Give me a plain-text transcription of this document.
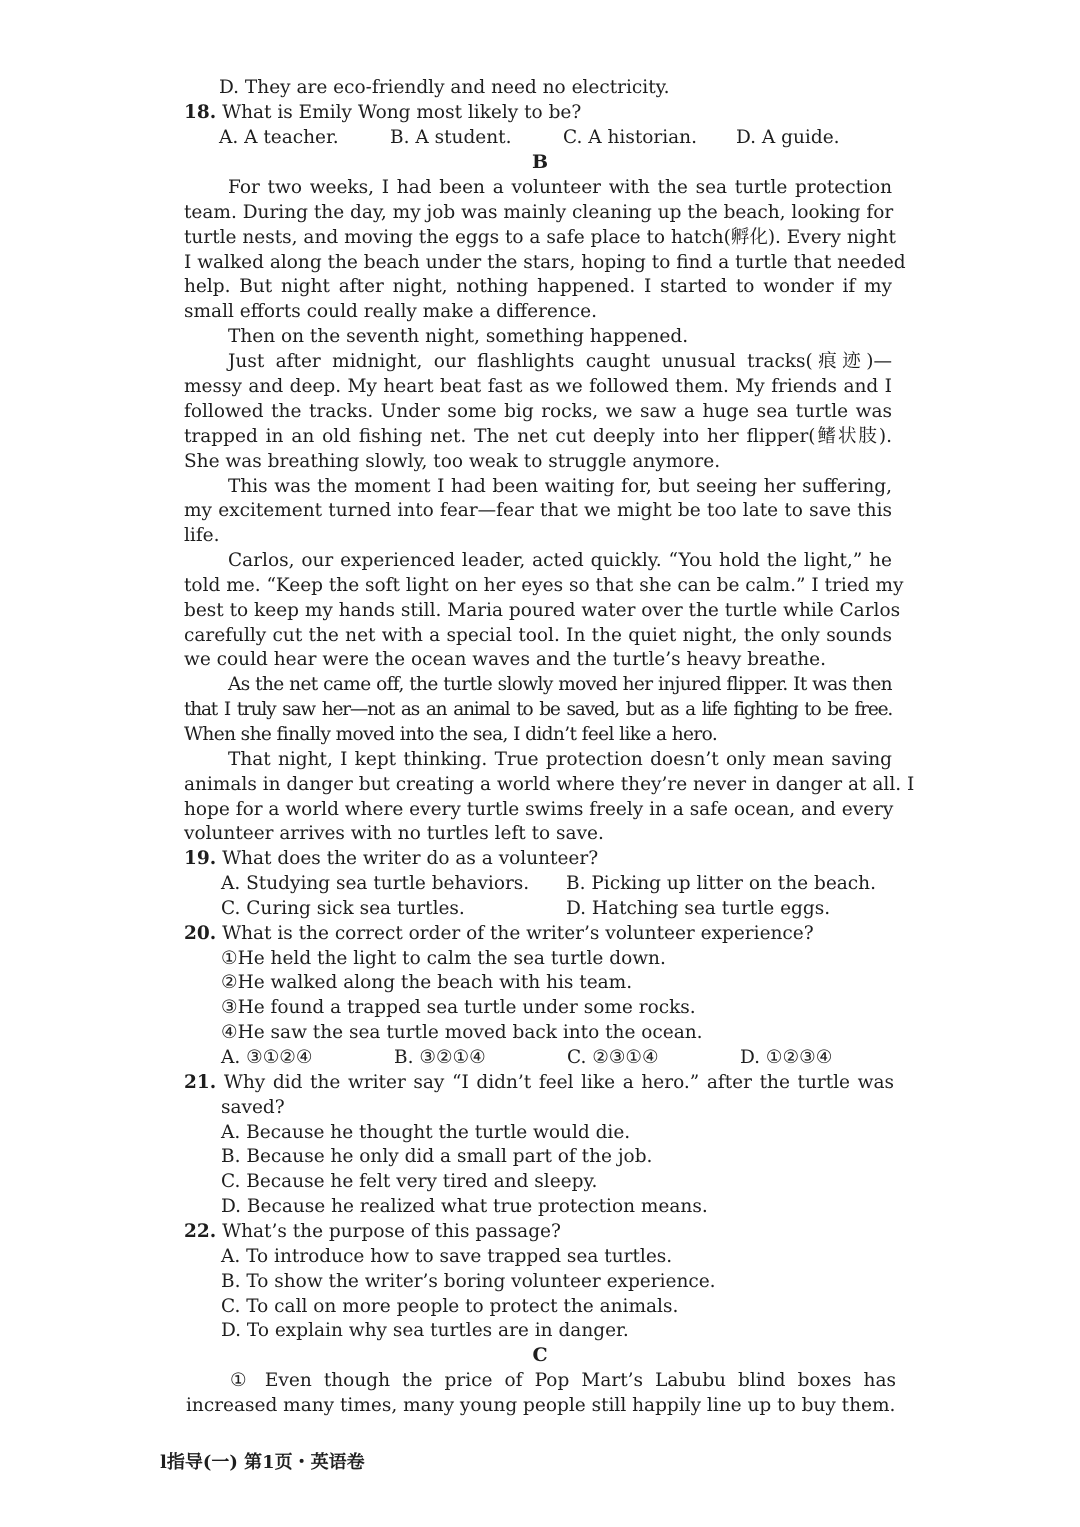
D. They are eco-friendly and need no electricity.
18. What is Emily Wong most likely to be?
A. A teacher.	B. A student.	C. A historian. D. A guide.
B
For two weeks, I had been a volunteer with the sea turtle protection
team. During the day, my job was mainly cleaning up the beach, looking for
turtle nests, and moving the eggs to a safe place to hatch(孵化). Every night
I walked along the beach under the stars, hoping to find a turtle that needed
help. But night after night, nothing happened. I started to wonder if my
small efforts could really make a difference.
Then on the seventh night, something happened.
Just after midnight, our flashlights caught unusual tracks(痕迹)—
messy and deep. My heart beat fast as we followed them. My friends and I
followed the tracks. Under some big rocks, we saw a huge sea turtle was
trapped in an old fishing net. The net cut deeply into her flipper(鳍状肢).
She was breathing slowly, too weak to struggle anymore.
This was the moment I had been waiting for, but seeing her suffering,
my excitement turned into fear—fear that we might be too late to save this
life.
Carlos, our experienced leader, acted quickly. “You hold the light,” he
told me. “Keep the soft light on her eyes so that she can be calm.” I tried my
best to keep my hands still. Maria poured water over the turtle while Carlos
carefully cut the net with a special tool. In the quiet night, the only sounds
we could hear were the ocean waves and the turtle’s heavy breathe.
As the net came off, the turtle slowly moved her injured flipper. It was then
that I truly saw her—not as an animal to be saved, but as a life fighting to be free.
When she finally moved into the sea, I didn’t feel like a hero.
That night, I kept thinking. True protection doesn’t only mean saving
animals in danger but creating a world where they’re never in danger at all. I
hope for a world where every turtle swims freely in a safe ocean, and every
volunteer arrives with no turtles left to save.
19. What does the writer do as a volunteer?
A. Studying sea turtle behaviors. B. Picking up litter on the beach.
C. Curing sick sea turtles.	D. Hatching sea turtle eggs.
20. What is the correct order of the writer’s volunteer experience?
①He held the light to calm the sea turtle down.
②He walked along the beach with his team.
③He found a trapped sea turtle under some rocks.
④He saw the sea turtle moved back into the ocean.
A. ③①②④	B. ③②①④	C. ②③①④	D. ①②③④
21. Why did the writer say “I didn’t feel like a hero.” after the turtle was
saved?
A. Because he thought the turtle would die.
B. Because he only did a small part of the job.
C. Because he felt very tired and sleepy.
D. Because he realized what true protection means.
22. What’s the purpose of this passage?
A. To introduce how to save trapped sea turtles.
B. To show the writer’s boring volunteer experience.
C. To call on more people to protect the animals.
D. To explain why sea turtles are in danger.
C
① Even though the price of Pop Mart’s Labubu blind boxes has
increased many times, many young people still happily line up to buy them.
l指导(一) 第1页・英语卷
